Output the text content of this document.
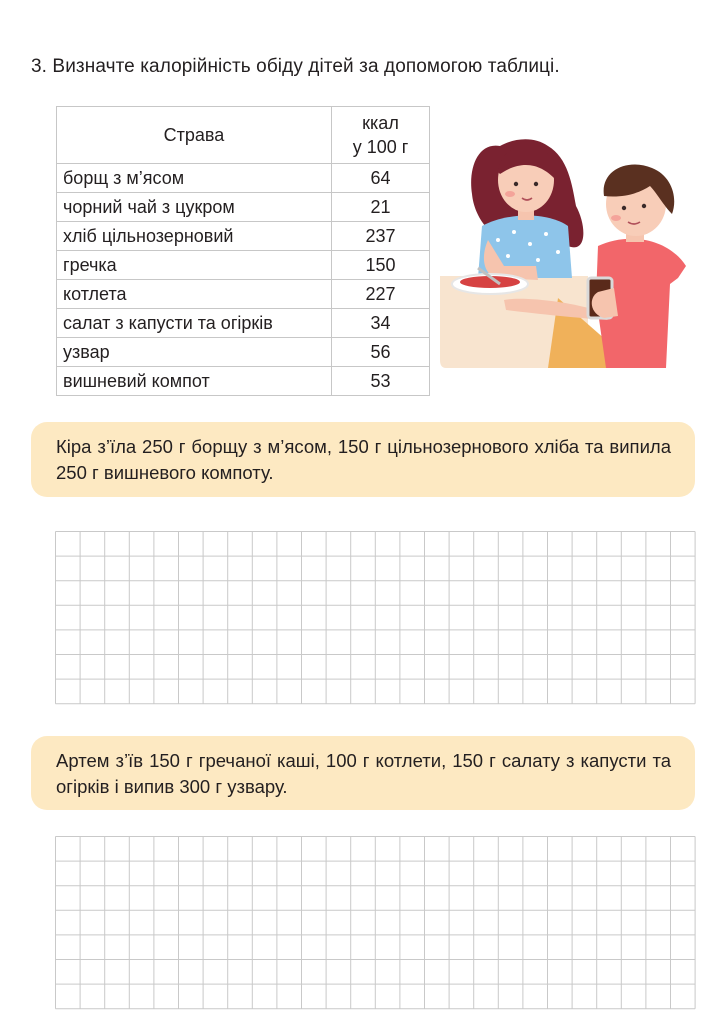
3. Визначте калорійність обіду дітей за допомогою таблиці.
Страва	ккал
у 100 г

борщ з м’ясом	64
чорний чай з цукром	21
хліб цільнозерновий	237
гречка	150
котлета	227
салат з капусти та огірків	34
узвар	56
вишневий компот	53
Кіра з’їла 250 г борщу з м’ясом, 150 г цільнозернового хліба та випила 250 г вишневого компоту.
Артем з’їв 150 г гречаної каші, 100 г котлети, 150 г салату з капусти та огірків і випив 300 г узвару.
